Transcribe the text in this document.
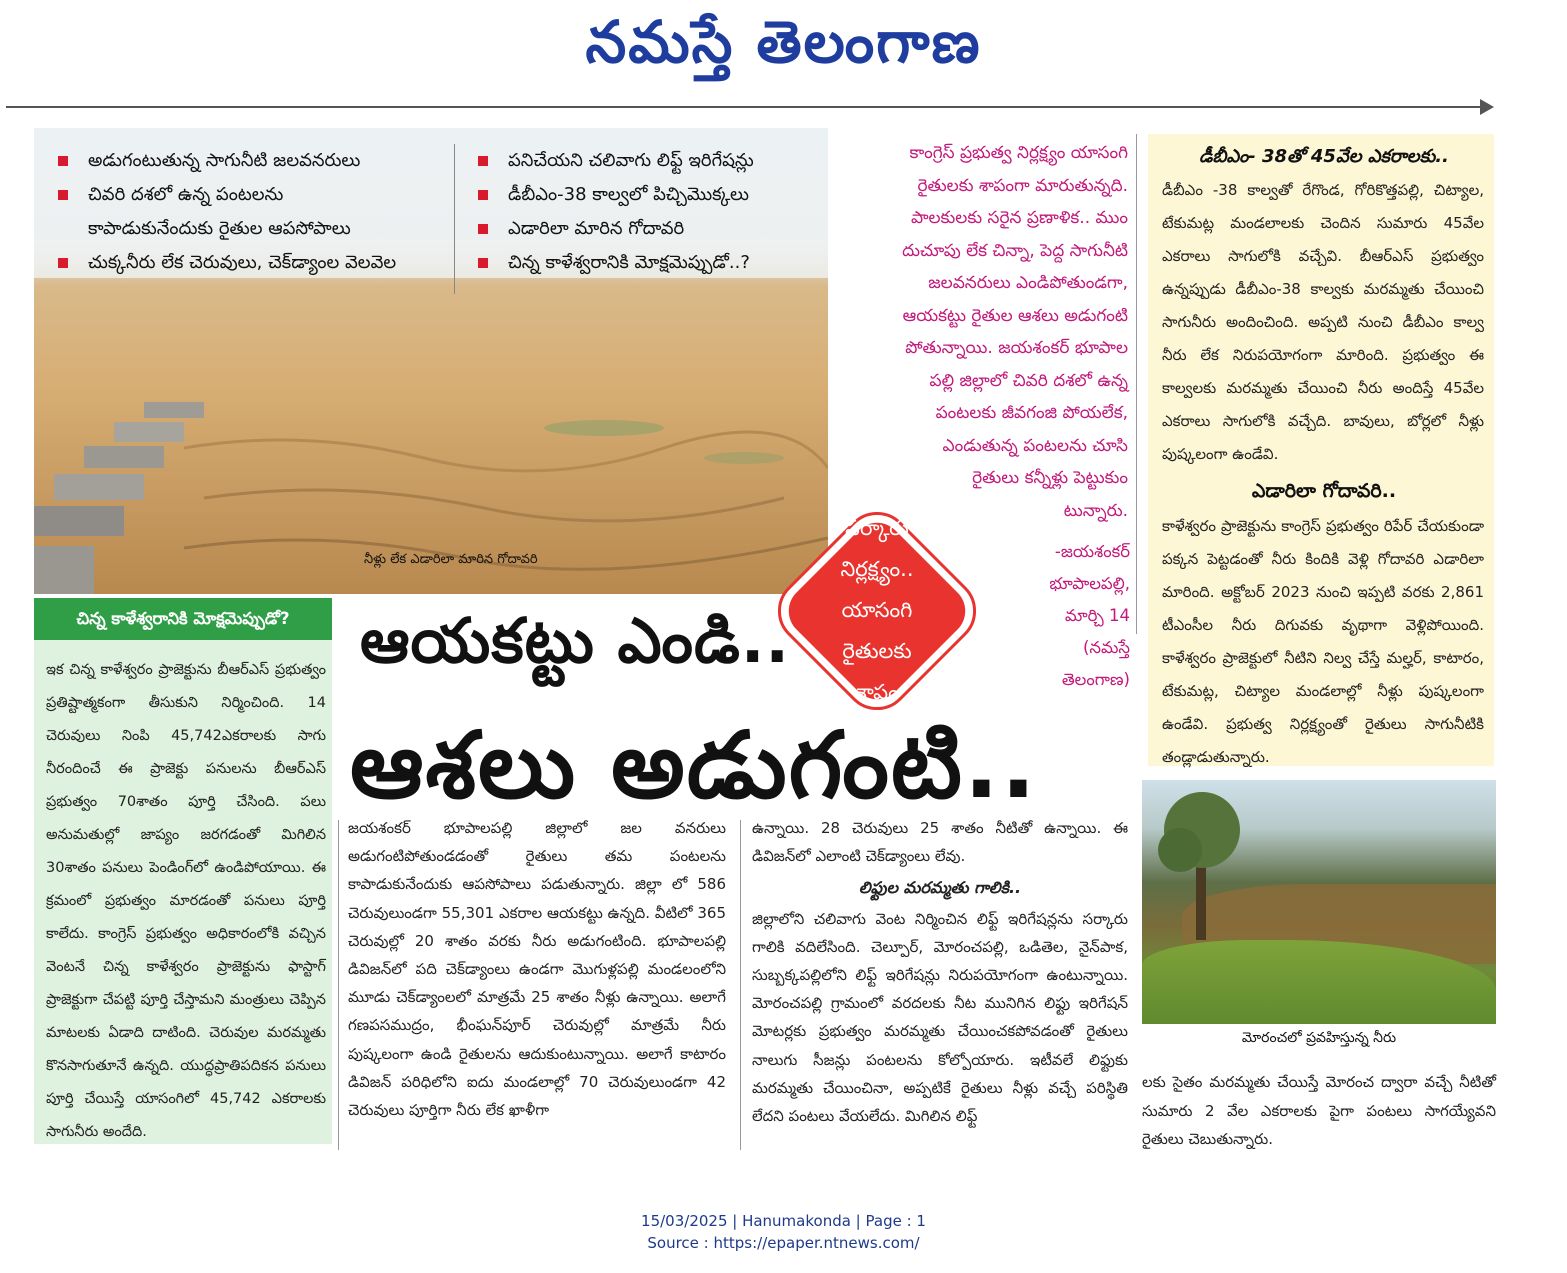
నమస్తే తెలంగాణ
అడుగంటుతున్న సాగునీటి జలవనరులు
చివరి దశలో ఉన్న పంటలను
కాపాడుకునేందుకు రైతుల ఆపసోపాలు
చుక్కనీరు లేక చెరువులు, చెక్‌డ్యాంల వెలవెల
పనిచేయని చలివాగు లిఫ్ట్ ఇరిగేషన్లు
డీబీఎం-38 కాల్వలో పిచ్చిమొక్కలు
ఎడారిలా మారిన గోదావరి
చిన్న కాళేశ్వరానికి మోక్షమెప్పుడో..?
నీళ్లు లేక ఎడారిలా మారిన గోదావరి
కాంగ్రెస్ ప్రభుత్వ నిర్లక్ష్యం యాసంగి
రైతులకు శాపంగా మారుతున్నది.
పాలకులకు సరైన ప్రణాళిక.. ముం
దుచూపు లేక చిన్నా, పెద్ద సాగునీటి
జలవనరులు ఎండిపోతుండగా,
ఆయకట్టు రైతుల ఆశలు అడుగంటి
పోతున్నాయి. జయశంకర్ భూపాల
పల్లి జిల్లాలో చివరి దశలో ఉన్న
పంటలకు జీవగంజి పోయలేక,
ఎండుతున్న పంటలను చూసి
రైతులు కన్నీళ్లు పెట్టుకుం
టున్నారు.
-జయశంకర్
భూపాలపల్లి,
మార్చి 14
(నమస్తే
తెలంగాణ)
సర్కారు
నిర్లక్ష్యం..
యాసంగి
రైతులకు
శాపం
డీబీఎం- 38తో 45వేల ఎకరాలకు..
డీబీఎం -38 కాల్వతో రేగొండ, గోరికొత్తపల్లి, చిట్యాల, టేకుమట్ల మండలాలకు చెందిన సుమారు 45వేల ఎకరాలు సాగులోకి వచ్చేవి. బీఆర్‌ఎస్ ప్రభుత్వం ఉన్నప్పుడు డీబీఎం-38 కాల్వకు మరమ్మతు చేయించి సాగునీరు అందించింది. అప్పటి నుంచి డీబీఎం కాల్వ నీరు లేక నిరుపయోగంగా మారింది. ప్రభుత్వం ఈ కాల్వలకు మరమ్మతు చేయించి నీరు అందిస్తే 45వేల ఎకరాలు సాగులోకి వచ్చేది. బావులు, బోర్లలో నీళ్లు పుష్కలంగా ఉండేవి.
ఎడారిలా గోదావరి..
కాళేశ్వరం ప్రాజెక్టును కాంగ్రెస్ ప్రభుత్వం రిపేర్ చేయకుండా పక్కన పెట్టడంతో నీరు కిందికి వెళ్లి గోదావరి ఎడారిలా మారింది. అక్టోబర్ 2023 నుంచి ఇప్పటి వరకు 2,861 టీఎంసీల నీరు దిగువకు వృథాగా వెళ్లిపోయింది. కాళేశ్వరం ప్రాజెక్టులో నీటిని నిల్వ చేస్తే మల్హర్, కాటారం, టేకుమట్ల, చిట్యాల మండలాల్లో నీళ్లు పుష్కలంగా ఉండేవి. ప్రభుత్వ నిర్లక్ష్యంతో రైతులు సాగునీటికి తండ్లాడుతున్నారు.
మోరంచలో ప్రవహిస్తున్న నీరు
చిన్న కాళేశ్వరానికి మోక్షమెప్పుడో?
ఇక చిన్న కాళేశ్వరం ప్రాజెక్టును బీఆర్‌ఎస్ ప్రభుత్వం ప్రతిష్టాత్మకంగా తీసుకుని నిర్మించింది. 14 చెరువులు నింపి 45,742ఎకరాలకు సాగు నీరందించే ఈ ప్రాజెక్టు పనులను బీఆర్‌ఎస్ ప్రభుత్వం 70శాతం పూర్తి చేసింది. పలు అనుమతుల్లో జాప్యం జరగడంతో మిగిలిన 30శాతం పనులు పెండింగ్‌లో ఉండిపోయాయి. ఈ క్రమంలో ప్రభుత్వం మారడంతో పనులు పూర్తి కాలేదు. కాంగ్రెస్ ప్రభుత్వం అధికారంలోకి వచ్చిన వెంటనే చిన్న కాళేశ్వరం ప్రాజెక్టును ఫాస్టాగ్ ప్రాజెక్టుగా చేపట్టి పూర్తి చేస్తామని మంత్రులు చెప్పిన మాటలకు ఏడాది దాటింది. చెరువుల మరమ్మతు కొనసాగుతూనే ఉన్నది. యుద్ధప్రాతిపదికన పనులు పూర్తి చేయిస్తే యాసంగిలో 45,742 ఎకరాలకు సాగునీరు అందేది.
ఆయకట్టు ఎండి..
ఆశలు అడుగంటి..
జయశంకర్ భూపాలపల్లి జిల్లాలో జల వనరులు అడుగంటిపోతుండడంతో రైతులు తమ పంటలను కాపాడుకునేందుకు ఆపసోపాలు పడుతున్నారు. జిల్లా లో 586 చెరువులుండగా 55,301 ఎకరాల ఆయకట్టు ఉన్నది. వీటిలో 365 చెరువుల్లో 20 శాతం వరకు నీరు అడుగంటింది. భూపాలపల్లి డివిజన్‌లో పది చెక్‌డ్యాంలు ఉండగా మొగుళ్లపల్లి మండలంలోని మూడు చెక్‌డ్యాంలలో మాత్రమే 25 శాతం నీళ్లు ఉన్నాయి. అలాగే గణపసముద్రం, భీంఘన్‌పూర్ చెరువుల్లో మాత్రమే నీరు పుష్కలంగా ఉండి రైతులను ఆదుకుంటున్నాయి. అలాగే కాటారం డివిజన్ పరిధిలోని ఐదు మండలాల్లో 70 చెరువులుండగా 42 చెరువులు పూర్తిగా నీరు లేక ఖాళీగా
ఉన్నాయి. 28 చెరువులు 25 శాతం నీటితో ఉన్నాయి. ఈ డివిజన్‌లో ఎలాంటి చెక్‌డ్యాంలు లేవు.
లిఫ్టుల మరమ్మతు గాలికి..
జిల్లాలోని చలివాగు వెంట నిర్మించిన లిఫ్ట్ ఇరిగేషన్లను సర్కారు గాలికి వదిలేసింది. చెల్పూర్, మోరంచపల్లి, ఒడితెల, నైన్‌పాక, సుబ్బక్కపల్లిలోని లిఫ్ట్ ఇరిగేషన్లు నిరుపయోగంగా ఉంటున్నాయి. మోరంచపల్లి గ్రామంలో వరదలకు నీట మునిగిన లిఫ్టు ఇరిగేషన్ మోటర్లకు ప్రభుత్వం మరమ్మతు చేయించకపోవడంతో రైతులు నాలుగు సీజన్లు పంటలను కోల్పోయారు. ఇటీవలే లిఫ్టుకు మరమ్మతు చేయించినా, అప్పటికే రైతులు నీళ్లు వచ్చే పరిస్థితి లేదని పంటలు వేయలేదు. మిగిలిన లిఫ్ట్
లకు సైతం మరమ్మతు చేయిస్తే మోరంచ ద్వారా వచ్చే నీటితో సుమారు 2 వేల ఎకరాలకు పైగా పంటలు సాగయ్యేవని రైతులు చెబుతున్నారు.
15/03/2025 | Hanumakonda | Page : 1
Source : https://epaper.ntnews.com/
